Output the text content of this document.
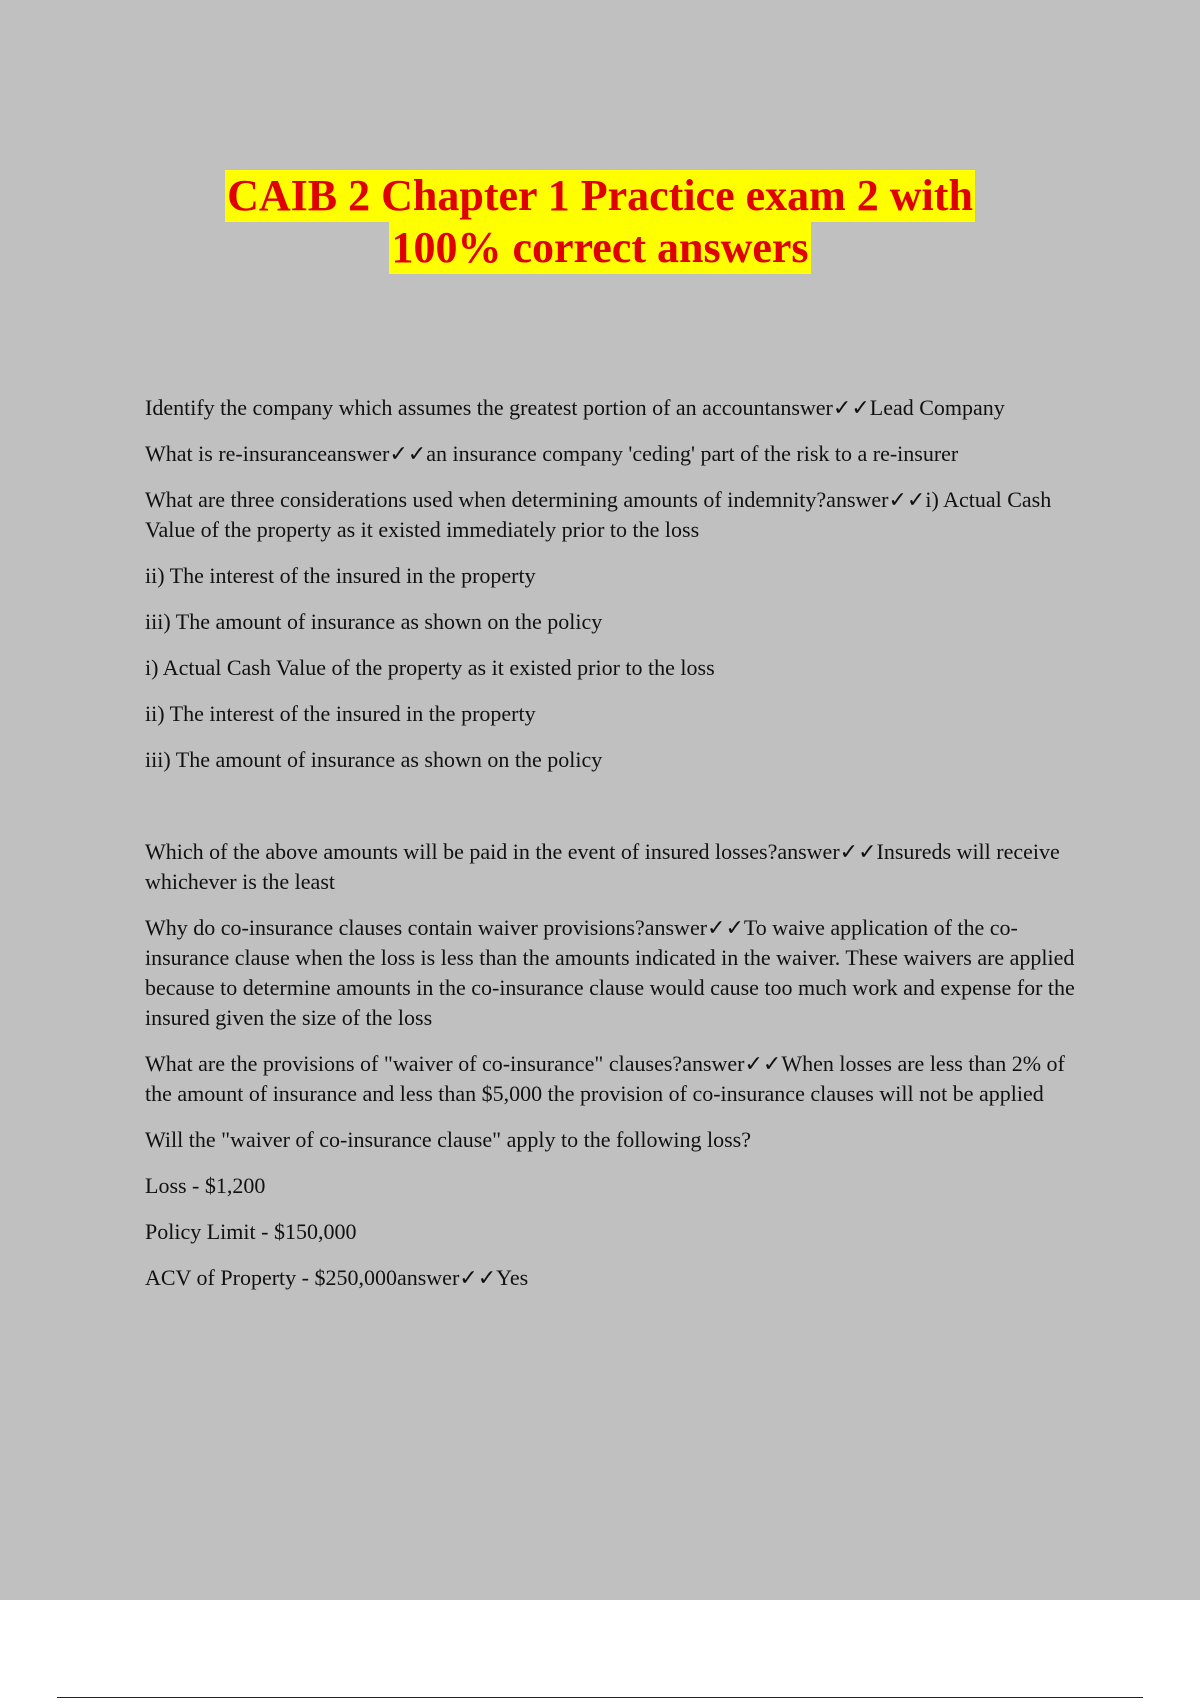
CAIB 2 Chapter 1 Practice exam 2 with
100% correct answers

Identify the company which assumes the greatest portion of an accountanswer✓✓Lead Company

What is re-insuranceanswer✓✓an insurance company 'ceding' part of the risk to a re-insurer

What are three considerations used when determining amounts of indemnity?answer✓✓i) Actual Cash Value of the property as it existed immediately prior to the loss

ii) The interest of the insured in the property

iii) The amount of insurance as shown on the policy

i) Actual Cash Value of the property as it existed prior to the loss

ii) The interest of the insured in the property

iii) The amount of insurance as shown on the policy

Which of the above amounts will be paid in the event of insured losses?answer✓✓Insureds will receive whichever is the least

Why do co-insurance clauses contain waiver provisions?answer✓✓To waive application of the co-insurance clause when the loss is less than the amounts indicated in the waiver. These waivers are applied because to determine amounts in the co-insurance clause would cause too much work and expense for the insured given the size of the loss

What are the provisions of "waiver of co-insurance" clauses?answer✓✓When losses are less than 2% of the amount of insurance and less than $5,000 the provision of co-insurance clauses will not be applied

Will the "waiver of co-insurance clause" apply to the following loss?

Loss - $1,200

Policy Limit - $150,000

ACV of Property - $250,000answer✓✓Yes
